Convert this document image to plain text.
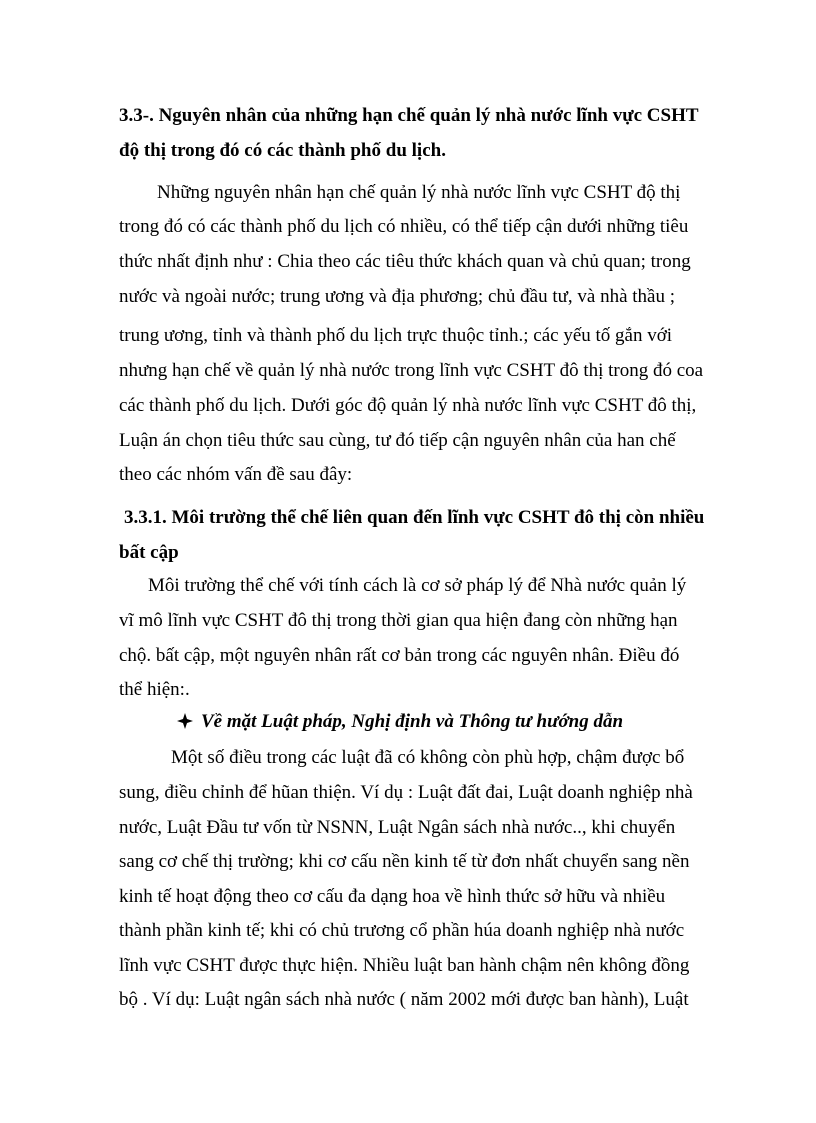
3.3-. Nguyên nhân của những hạn chế quản lý nhà nước lĩnh vực CSHT
độ thị trong đó có các thành phố du lịch.
Những nguyên nhân hạn chế quản lý nhà nước lĩnh vực CSHT độ thị
trong đó có các thành phố du lịch có nhiều, có thể tiếp cận dưới những tiêu
thức nhất định như : Chia theo các tiêu thức khách quan và chủ quan; trong
nước và ngoài nước; trung ương và địa phương; chủ đầu tư, và nhà thầu ;
trung ương, tỉnh và thành phố du lịch trực thuộc tỉnh.; các yếu tố gắn với
nhưng hạn chế về quản lý nhà nước trong lĩnh vực CSHT đô thị trong đó coa
các thành phố du lịch. Dưới góc độ quản lý nhà nước lĩnh vực CSHT đô thị,
Luận án chọn tiêu thức sau cùng, tư đó tiếp cận nguyên nhân của han chế
theo các nhóm vấn đề sau đây:
3.3.1. Môi trường thể chế liên quan đến lĩnh vực CSHT đô thị còn nhiều
bất cập
Môi trường thể chế với tính cách là cơ sở pháp lý để Nhà nước quản lý
vĩ mô lĩnh vực CSHT đô thị trong thời gian qua hiện đang còn những hạn
chộ. bất cập, một nguyên nhân rất cơ bản trong các nguyên nhân. Điều đó
thể hiện:.
Về mặt Luật pháp, Nghị định và Thông tư hướng dẫn
Một số điều trong các luật đã có không còn phù hợp, chậm được bổ
sung, điều chỉnh để hũan thiện. Ví dụ : Luật đất đai, Luật doanh nghiệp nhà
nước, Luật Đầu tư vốn từ NSNN, Luật Ngân sách nhà nước.., khi chuyển
sang cơ chế thị trường; khi cơ cấu nền kinh tế từ đơn nhất chuyển sang nền
kinh tế hoạt động theo cơ cấu đa dạng hoa về hình thức sở hữu và nhiều
thành phần kinh tế; khi có chủ trương cổ phần húa doanh nghiệp nhà nước
lĩnh vực CSHT được thực hiện. Nhiều luật ban hành chậm nên không đồng
bộ . Ví dụ: Luật ngân sách nhà nước ( năm 2002 mới được ban hành), Luật
